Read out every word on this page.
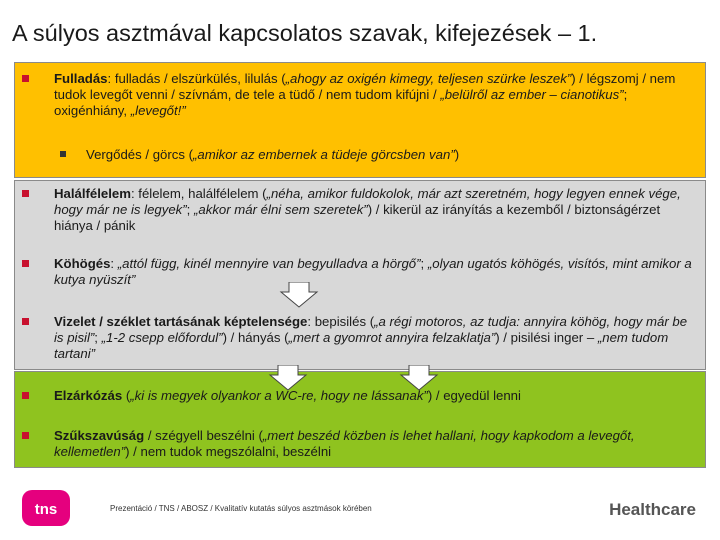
A súlyos asztmával kapcsolatos szavak, kifejezések – 1.
Fulladás: fulladás / elszürkülés, lilulás („ahogy az oxigén kimegy, teljesen szürke leszek”) / légszomj / nem tudok levegőt venni / szívnám, de tele a tüdő / nem tudom kifújni / „belülről az ember – cianotikus”; oxigénhiány, „levegőt!”
Vergődés / görcs („amikor az embernek a tüdeje görcsben van”)
Halálfélelem: félelem, halálfélelem („néha, amikor fuldokolok, már azt szeretném, hogy legyen ennek vége, hogy már ne is legyek”; „akkor már élni sem szeretek”) / kikerül az irányítás a kezemből / biztonságérzet hiánya / pánik
Köhögés: „attól függ, kinél mennyire van begyulladva a hörgő”; „olyan ugatós köhögés, visítós, mint amikor a kutya nyüszít”
Vizelet / széklet tartásának képtelensége: bepisilés („a régi motoros, az tudja: annyira köhög, hogy már be is pisil”; „1-2 csepp előfordul”) / hányás („mert a gyomrot annyira felzaklatja”) / pisilési inger – „nem tudom tartani”
Elzárkózás („ki is megyek olyankor a WC-re, hogy ne lássanak”) / egyedül lenni
Szűkszavúság / szégyell beszélni („mert beszéd közben is lehet hallani, hogy kapkodom a levegőt, kellemetlen”) / nem tudok megszólalni, beszélni
tns	Prezentáció / TNS / ABOSZ / Kvalitatív kutatás súlyos asztmások körében	Healthcare
